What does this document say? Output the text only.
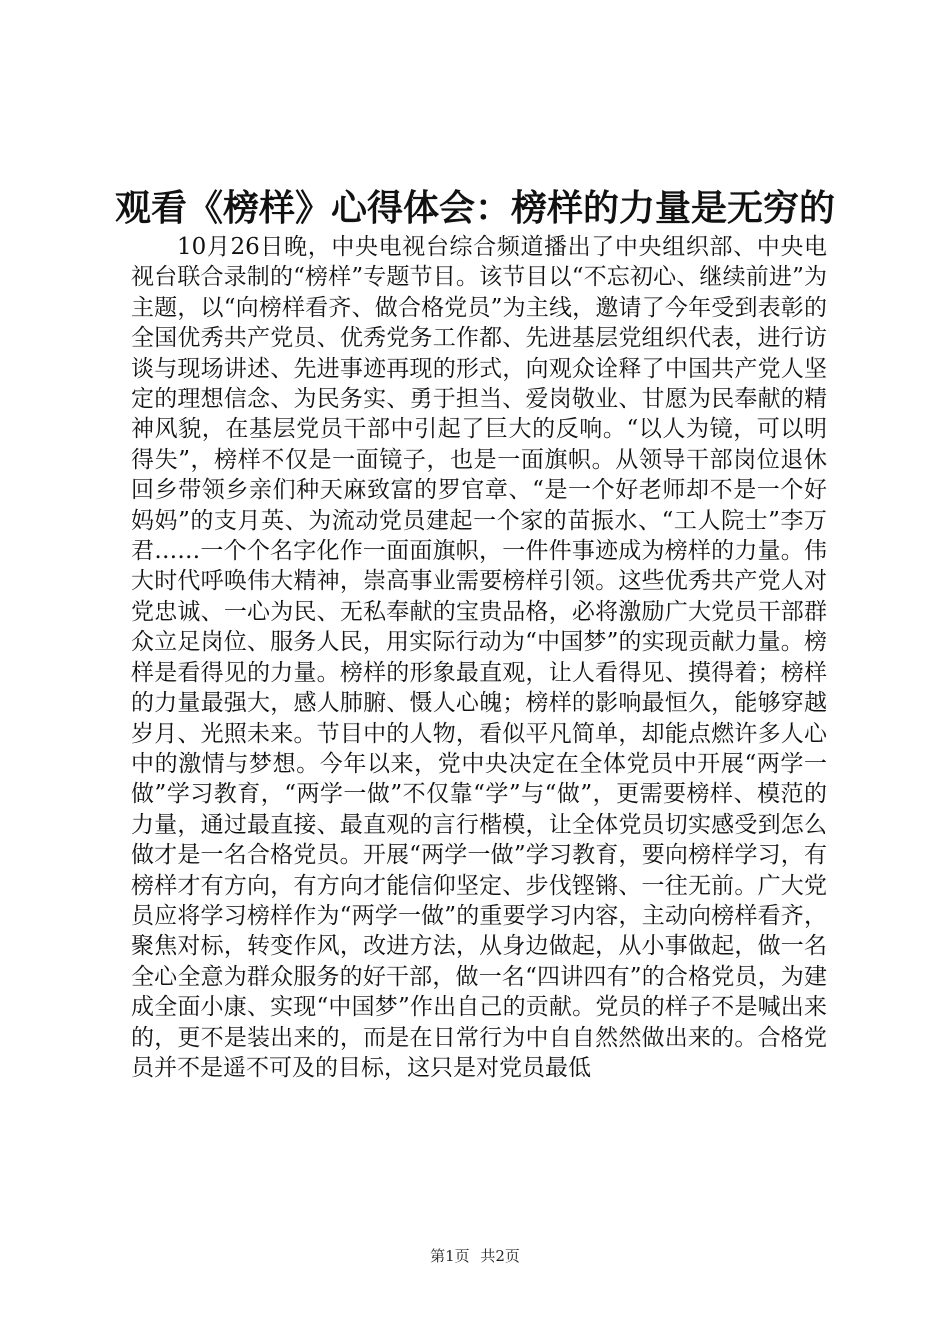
观看《榜样》心得体会：榜样的力量是无穷的

10月26日晚，中央电视台综合频道播出了中央组织部、中央电视台联合录制的“榜样”专题节目。该节目以“不忘初心、继续前进”为主题，以“向榜样看齐、做合格党员”为主线，邀请了今年受到表彰的全国优秀共产党员、优秀党务工作都、先进基层党组织代表，进行访谈与现场讲述、先进事迹再现的形式，向观众诠释了中国共产党人坚定的理想信念、为民务实、勇于担当、爱岗敬业、甘愿为民奉献的精神风貌，在基层党员干部中引起了巨大的反响。“以人为镜，可以明得失”，榜样不仅是一面镜子，也是一面旗帜。从领导干部岗位退休回乡带领乡亲们种天麻致富的罗官章、“是一个好老师却不是一个好妈妈”的支月英、为流动党员建起一个家的苗振水、“工人院士”李万君……一个个名字化作一面面旗帜，一件件事迹成为榜样的力量。伟大时代呼唤伟大精神，崇高事业需要榜样引领。这些优秀共产党人对党忠诚、一心为民、无私奉献的宝贵品格，必将激励广大党员干部群众立足岗位、服务人民，用实际行动为“中国梦”的实现贡献力量。榜样是看得见的力量。榜样的形象最直观，让人看得见、摸得着；榜样的力量最强大，感人肺腑、慑人心魄；榜样的影响最恒久，能够穿越岁月、光照未来。节目中的人物，看似平凡简单，却能点燃许多人心中的激情与梦想。今年以来，党中央决定在全体党员中开展“两学一做”学习教育，“两学一做”不仅靠“学”与“做”，更需要榜样、模范的力量，通过最直接、最直观的言行楷模，让全体党员切实感受到怎么做才是一名合格党员。开展“两学一做”学习教育，要向榜样学习，有榜样才有方向，有方向才能信仰坚定、步伐铿锵、一往无前。广大党员应将学习榜样作为“两学一做”的重要学习内容，主动向榜样看齐，聚焦对标，转变作风，改进方法，从身边做起，从小事做起，做一名全心全意为群众服务的好干部，做一名“四讲四有”的合格党员，为建成全面小康、实现“中国梦”作出自己的贡献。党员的样子不是喊出来的，更不是装出来的，而是在日常行为中自自然然做出来的。合格党员并不是遥不可及的目标，这只是对党员最低

第1页 共2页
